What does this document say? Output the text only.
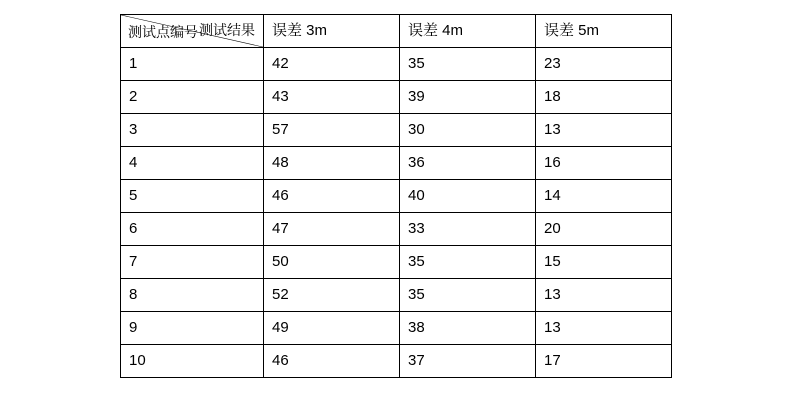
测试结果
测试点编号	误差 3m	误差 4m	误差 5m
1	42	35	23
2	43	39	18
3	57	30	13
4	48	36	16
5	46	40	14
6	47	33	20
7	50	35	15
8	52	35	13
9	49	38	13
10	46	37	17
